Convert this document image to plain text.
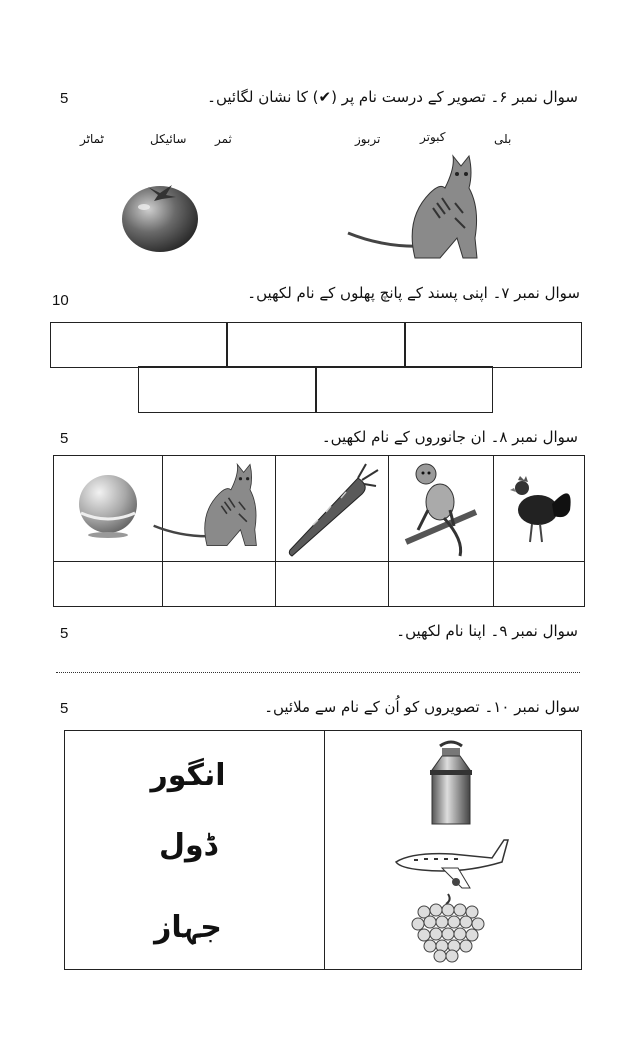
5	سوال نمبر ۶۔ تصویر کے درست نام پر (✔) کا نشان لگائیں۔
بلی
کبوتر
تربوز
ثمر
سائیکل
ٹماٹر
10	سوال نمبر ۷۔ اپنی پسند کے پانچ پھلوں کے نام لکھیں۔
5	سوال نمبر ۸۔ ان جانوروں کے نام لکھیں۔
5	سوال نمبر ۹۔ اپنا نام لکھیں۔
5	سوال نمبر ۱۰۔ تصویروں کو اُن کے نام سے ملائیں۔
انگور
ڈول
جہاز
